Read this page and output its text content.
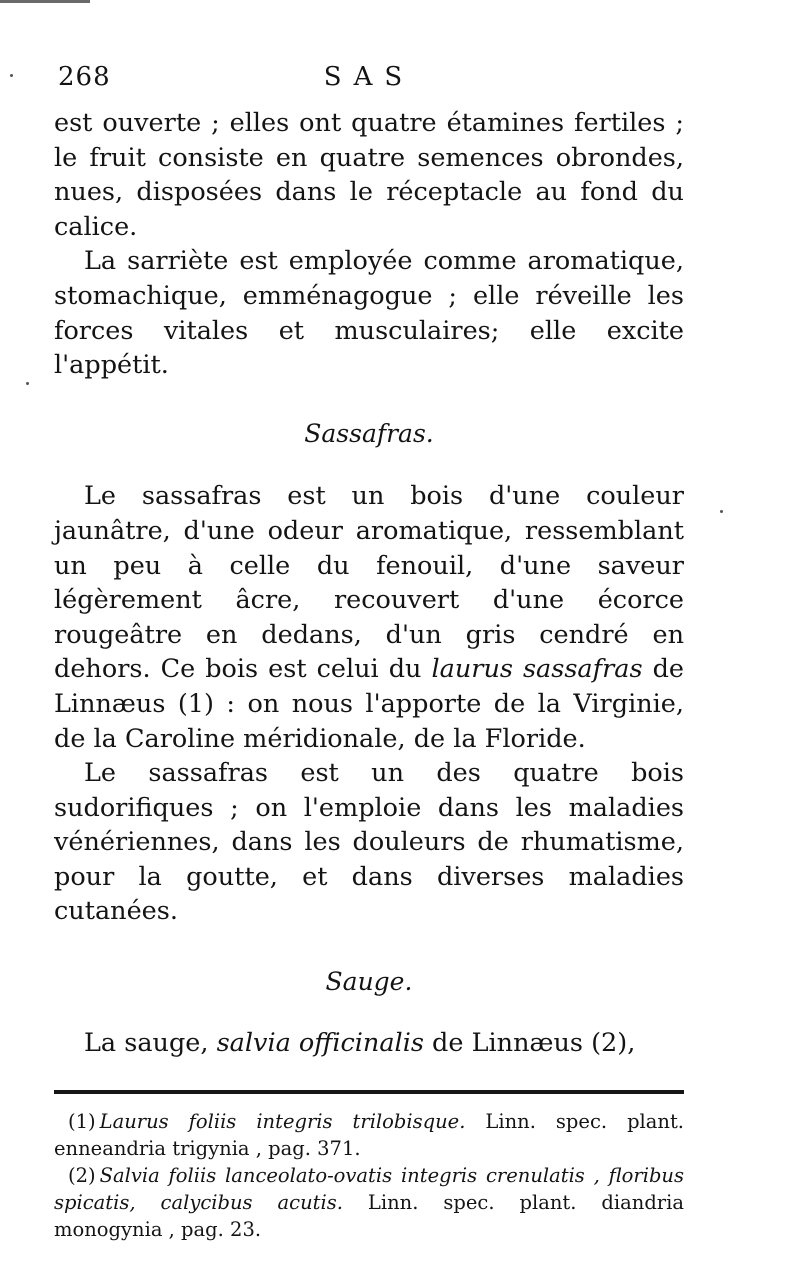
268	SAS

est ouverte ; elles ont quatre étamines fertiles ; le fruit consiste en quatre semences obrondes, nues, disposées dans le réceptacle au fond du calice.

La sarriète est employée comme aromatique, stomachique, emménagogue ; elle réveille les forces vitales et musculaires; elle excite l'appétit.

Sassafras.

Le sassafras est un bois d'une couleur jaunâtre, d'une odeur aromatique, ressemblant un peu à celle du fenouil, d'une saveur légèrement âcre, recouvert d'une écorce rougeâtre en dedans, d'un gris cendré en dehors. Ce bois est celui du laurus sassafras de Linnæus (1) : on nous l'apporte de la Virginie, de la Caroline méridionale, de la Floride.

Le sassafras est un des quatre bois sudorifiques ; on l'emploie dans les maladies vénériennes, dans les douleurs de rhumatisme, pour la goutte, et dans diverses maladies cutanées.

Sauge.

La sauge, salvia officinalis de Linnæus (2),

(1) Laurus foliis integris trilobisque. Linn. spec. plant. enneandria trigynia , pag. 371.

(2) Salvia foliis lanceolato-ovatis integris crenulatis , floribus spicatis, calycibus acutis. Linn. spec. plant. diandria monogynia , pag. 23.
